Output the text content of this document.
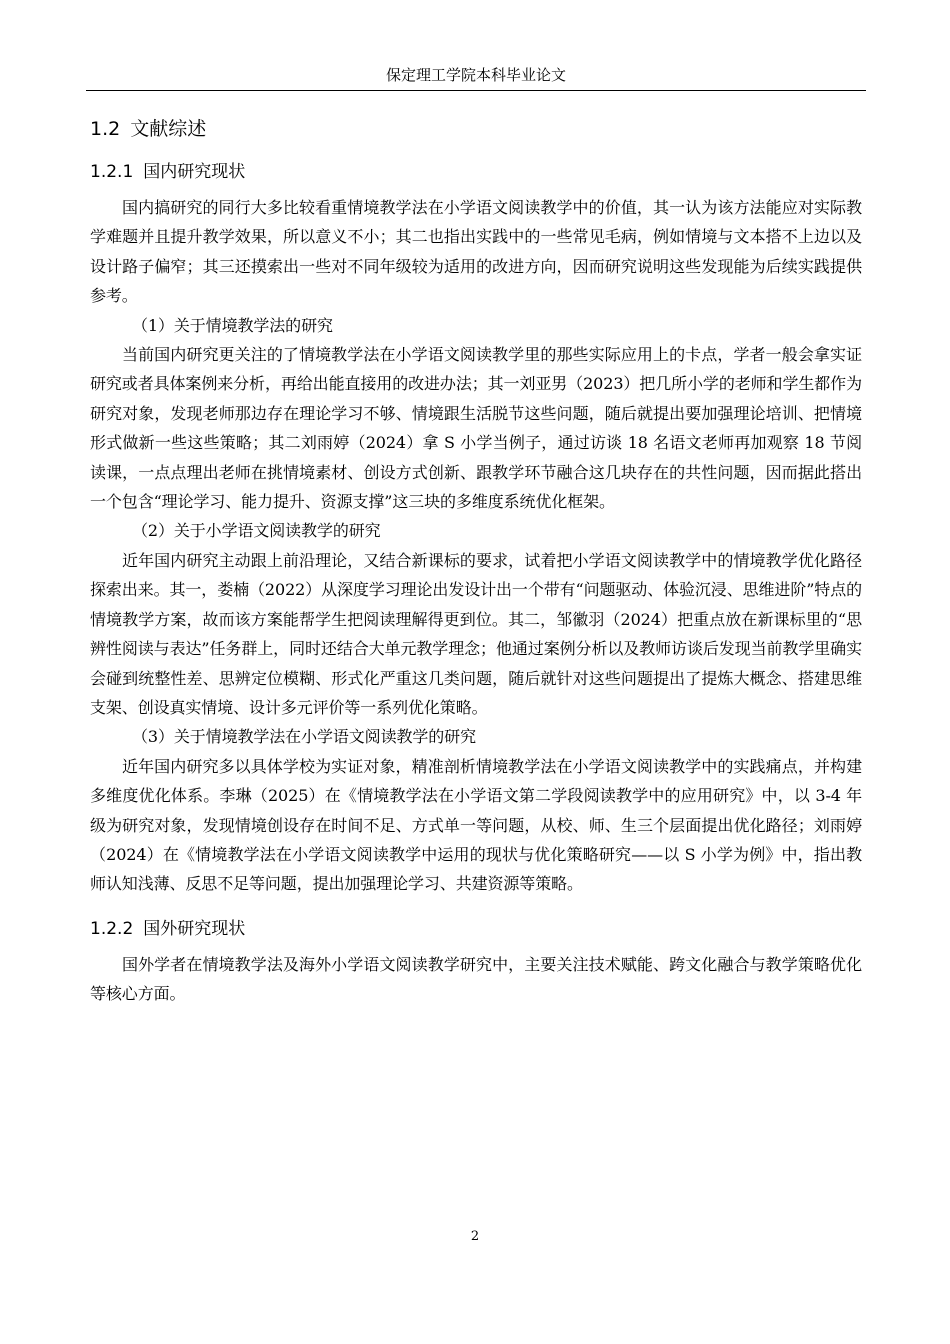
保定理工学院本科毕业论文
1.2 文献综述
1.2.1 国内研究现状

国内搞研究的同行大多比较看重情境教学法在小学语文阅读教学中的价值，其一认为该方法能应对实际教学难题并且提升教学效果，所以意义不小；其二也指出实践中的一些常见毛病，例如情境与文本搭不上边以及设计路子偏窄；其三还摸索出一些对不同年级较为适用的改进方向，因而研究说明这些发现能为后续实践提供参考。

（1）关于情境教学法的研究

当前国内研究更关注的了情境教学法在小学语文阅读教学里的那些实际应用上的卡点，学者一般会拿实证研究或者具体案例来分析，再给出能直接用的改进办法；其一刘亚男（2023）把几所小学的老师和学生都作为研究对象，发现老师那边存在理论学习不够、情境跟生活脱节这些问题，随后就提出要加强理论培训、把情境形式做新一些这些策略；其二刘雨婷（2024）拿 S 小学当例子，通过访谈 18 名语文老师再加观察 18 节阅读课，一点点理出老师在挑情境素材、创设方式创新、跟教学环节融合这几块存在的共性问题，因而据此搭出一个包含“理论学习、能力提升、资源支撑”这三块的多维度系统优化框架。

（2）关于小学语文阅读教学的研究

近年国内研究主动跟上前沿理论，又结合新课标的要求，试着把小学语文阅读教学中的情境教学优化路径探索出来。其一，娄楠（2022）从深度学习理论出发设计出一个带有“问题驱动、体验沉浸、思维进阶”特点的情境教学方案，故而该方案能帮学生把阅读理解得更到位。其二，邹徽羽（2024）把重点放在新课标里的“思辨性阅读与表达”任务群上，同时还结合大单元教学理念；他通过案例分析以及教师访谈后发现当前教学里确实会碰到统整性差、思辨定位模糊、形式化严重这几类问题，随后就针对这些问题提出了提炼大概念、搭建思维支架、创设真实情境、设计多元评价等一系列优化策略。

（3）关于情境教学法在小学语文阅读教学的研究

近年国内研究多以具体学校为实证对象，精准剖析情境教学法在小学语文阅读教学中的实践痛点，并构建多维度优化体系。李琳（2025）在《情境教学法在小学语文第二学段阅读教学中的应用研究》中，以 3-4 年级为研究对象，发现情境创设存在时间不足、方式单一等问题，从校、师、生三个层面提出优化路径；刘雨婷（2024）在《情境教学法在小学语文阅读教学中运用的现状与优化策略研究——以 S 小学为例》中，指出教师认知浅薄、反思不足等问题，提出加强理论学习、共建资源等策略。

1.2.2 国外研究现状

国外学者在情境教学法及海外小学语文阅读教学研究中，主要关注技术赋能、跨文化融合与教学策略优化等核心方面。

2
